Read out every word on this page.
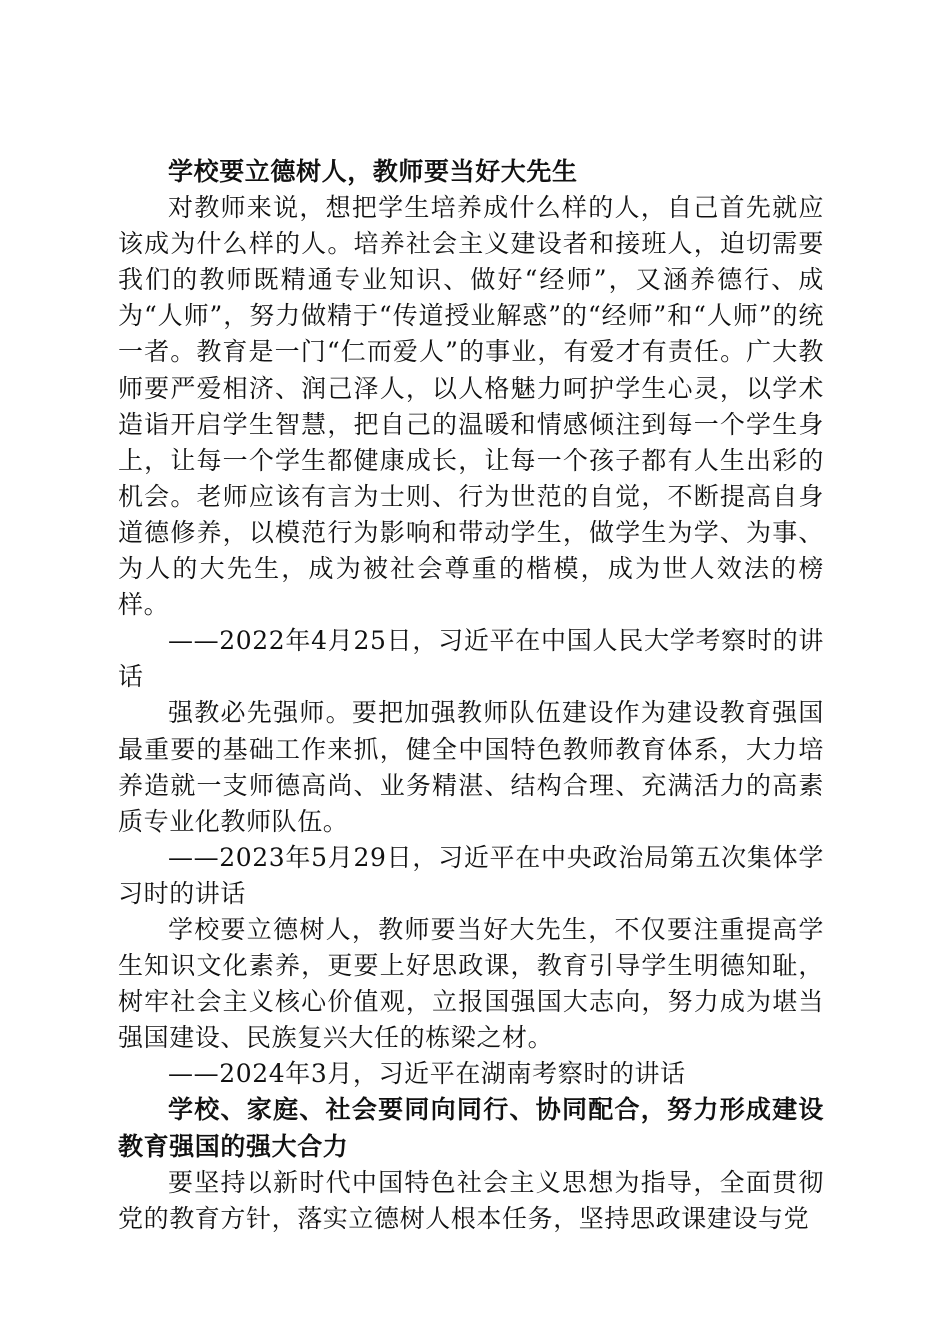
学校要立德树人，教师要当好大先生

对教师来说，想把学生培养成什么样的人，自己首先就应该成为什么样的人。培养社会主义建设者和接班人，迫切需要我们的教师既精通专业知识、做好“经师”，又涵养德行、成为“人师”，努力做精于“传道授业解惑”的“经师”和“人师”的统一者。教育是一门“仁而爱人”的事业，有爱才有责任。广大教师要严爱相济、润己泽人，以人格魅力呵护学生心灵，以学术造诣开启学生智慧，把自己的温暖和情感倾注到每一个学生身上，让每一个学生都健康成长，让每一个孩子都有人生出彩的机会。老师应该有言为士则、行为世范的自觉，不断提高自身道德修养，以模范行为影响和带动学生，做学生为学、为事、为人的大先生，成为被社会尊重的楷模，成为世人效法的榜样。

——2022年4月25日，习近平在中国人民大学考察时的讲话

强教必先强师。要把加强教师队伍建设作为建设教育强国最重要的基础工作来抓，健全中国特色教师教育体系，大力培养造就一支师德高尚、业务精湛、结构合理、充满活力的高素质专业化教师队伍。

——2023年5月29日，习近平在中央政治局第五次集体学习时的讲话

学校要立德树人，教师要当好大先生，不仅要注重提高学生知识文化素养，更要上好思政课，教育引导学生明德知耻，树牢社会主义核心价值观，立报国强国大志向，努力成为堪当强国建设、民族复兴大任的栋梁之材。

——2024年3月，习近平在湖南考察时的讲话

学校、家庭、社会要同向同行、协同配合，努力形成建设教育强国的强大合力

要坚持以新时代中国特色社会主义思想为指导，全面贯彻党的教育方针，落实立德树人根本任务，坚持思政课建设与党
